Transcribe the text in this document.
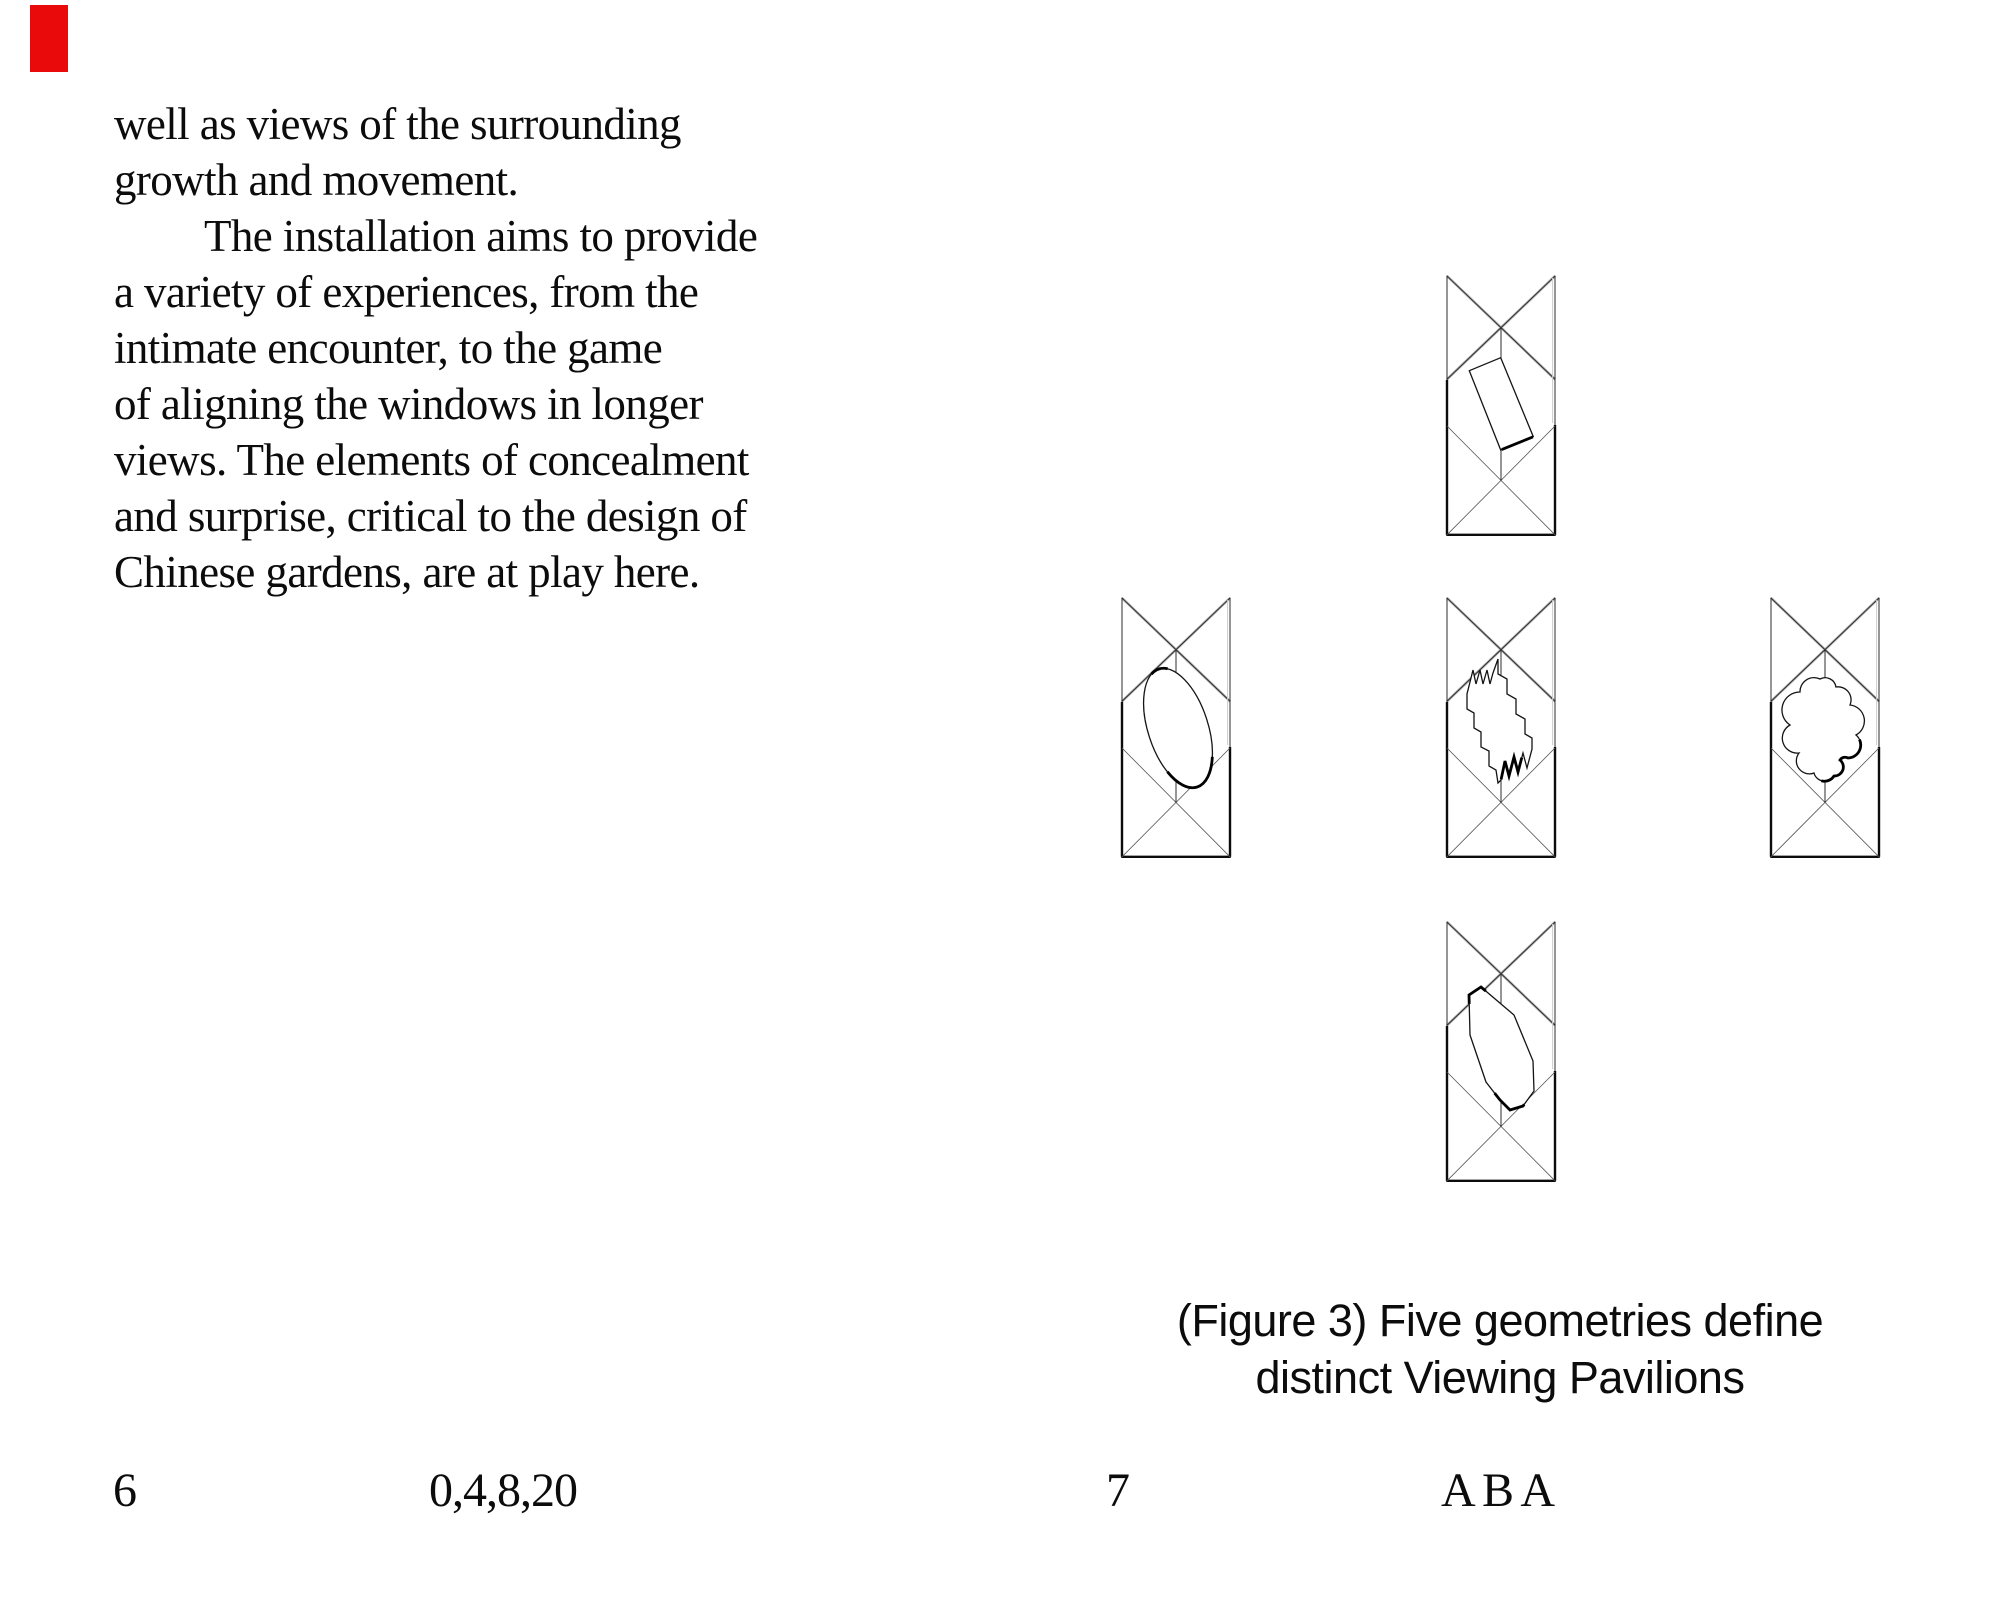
well as views of the surrounding
growth and movement.
The installation aims to provide
a variety of experiences, from the
intimate encounter, to the game
of aligning the windows in longer
views. The elements of concealment
and surprise, critical to the design of
Chinese gardens, are at play here.
6	0,4,8,20
(Figure 3) Five geometries define
distinct Viewing Pavilions
7	A B A
